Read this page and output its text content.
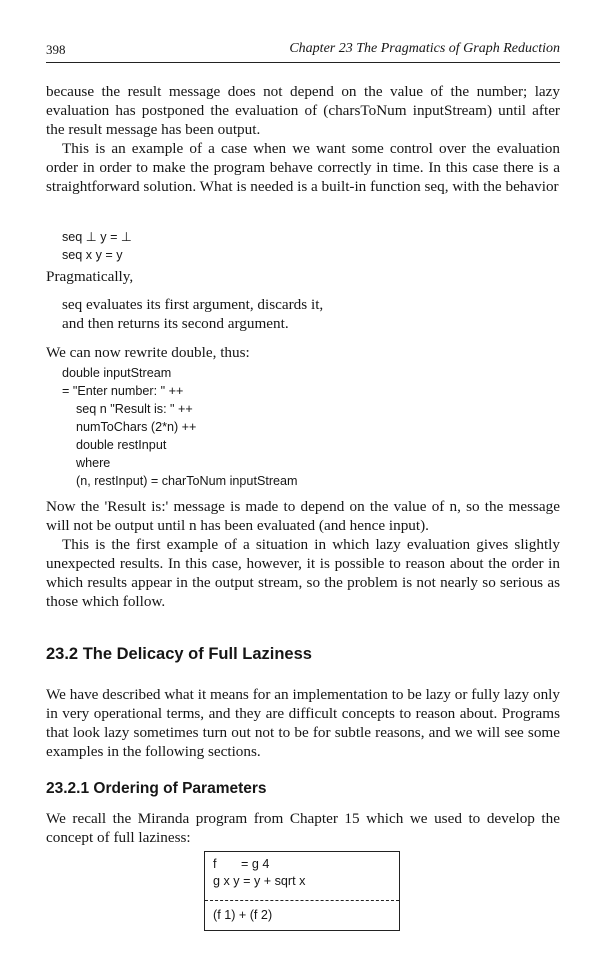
398	Chapter 23 The Pragmatics of Graph Reduction

because the result message does not depend on the value of the number; lazy evaluation has postponed the evaluation of (charsToNum inputStream) until after the result message has been output.

This is an example of a case when we want some control over the evaluation order in order to make the program behave correctly in time. In this case there is a straightforward solution. What is needed is a built-in function seq, with the behavior

seq ⊥ y = ⊥
seq x y = y

Pragmatically,

seq evaluates its first argument, discards it,
and then returns its second argument.

We can now rewrite double, thus:

double inputStream
= "Enter number: " ++
seq n "Result is: " ++
numToChars (2*n) ++
double restInput
where
(n, restInput) = charToNum inputStream

Now the 'Result is:' message is made to depend on the value of n, so the message will not be output until n has been evaluated (and hence input).

This is the first example of a situation in which lazy evaluation gives slightly unexpected results. In this case, however, it is possible to reason about the order in which results appear in the output stream, so the problem is not nearly so serious as those which follow.

23.2 The Delicacy of Full Laziness

We have described what it means for an implementation to be lazy or fully lazy only in very operational terms, and they are difficult concepts to reason about. Programs that look lazy sometimes turn out not to be for subtle reasons, and we will see some examples in the following sections.

23.2.1 Ordering of Parameters

We recall the Miranda program from Chapter 15 which we used to develop the concept of full laziness:

f       = g 4
g x y = y + sqrt x
(f 1) + (f 2)
